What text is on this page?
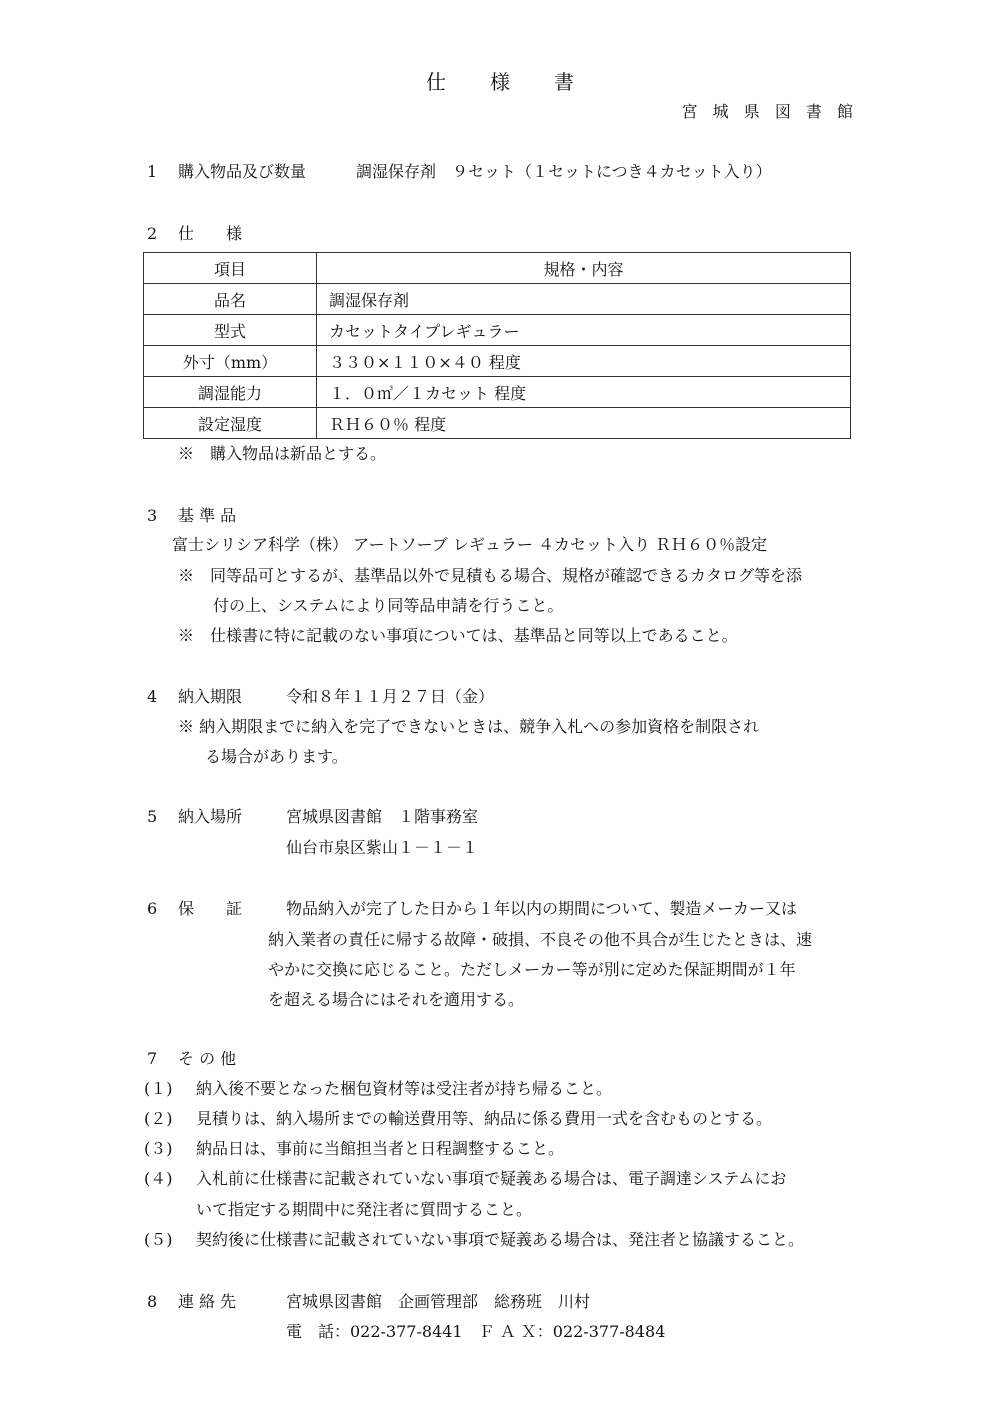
仕 様 書
宮 城 県 図 書 館
1 購入物品及び数量	調湿保存剤　９セット（１セットにつき４カセット入り）
2 仕　　様
項目	規格・内容
品名	調湿保存剤
型式	カセットタイプレギュラー
外寸（mm）	３３０×１１０×４０ 程度
調湿能力	１．０㎥／１カセット 程度
設定湿度	ＲＨ６０％ 程度
※　購入物品は新品とする。
3 基 準 品
富士シリシア科学（株） アートソーブ レギュラー ４カセット入り ＲＨ６０％設定
※　同等品可とするが、基準品以外で見積もる場合、規格が確認できるカタログ等を添
付の上、システムにより同等品申請を行うこと。
※　仕様書に特に記載のない事項については、基準品と同等以上であること。
4 納入期限	令和８年１１月２７日（金）
※ 納入期限までに納入を完了できないときは、競争入札への参加資格を制限され
る場合があります。
5 納入場所	宮城県図書館　１階事務室
仙台市泉区紫山１－１－１
6 保　　証	物品納入が完了した日から１年以内の期間について、製造メーカー又は
納入業者の責任に帰する故障・破損、不良その他不具合が生じたときは、速
やかに交換に応じること。ただしメーカー等が別に定めた保証期間が１年
を超える場合にはそれを適用する。
7 そ の 他
(１) 納入後不要となった梱包資材等は受注者が持ち帰ること。
(２) 見積りは、納入場所までの輸送費用等、納品に係る費用一式を含むものとする。
(３) 納品日は、事前に当館担当者と日程調整すること。
(４) 入札前に仕様書に記載されていない事項で疑義ある場合は、電子調達システムにお
いて指定する期間中に発注者に質問すること。
(５) 契約後に仕様書に記載されていない事項で疑義ある場合は、発注者と協議すること。
8 連 絡 先	宮城県図書館　企画管理部　総務班　川村
電　話：022-377-8441　Ｆ Ａ Ｘ：022-377-8484
